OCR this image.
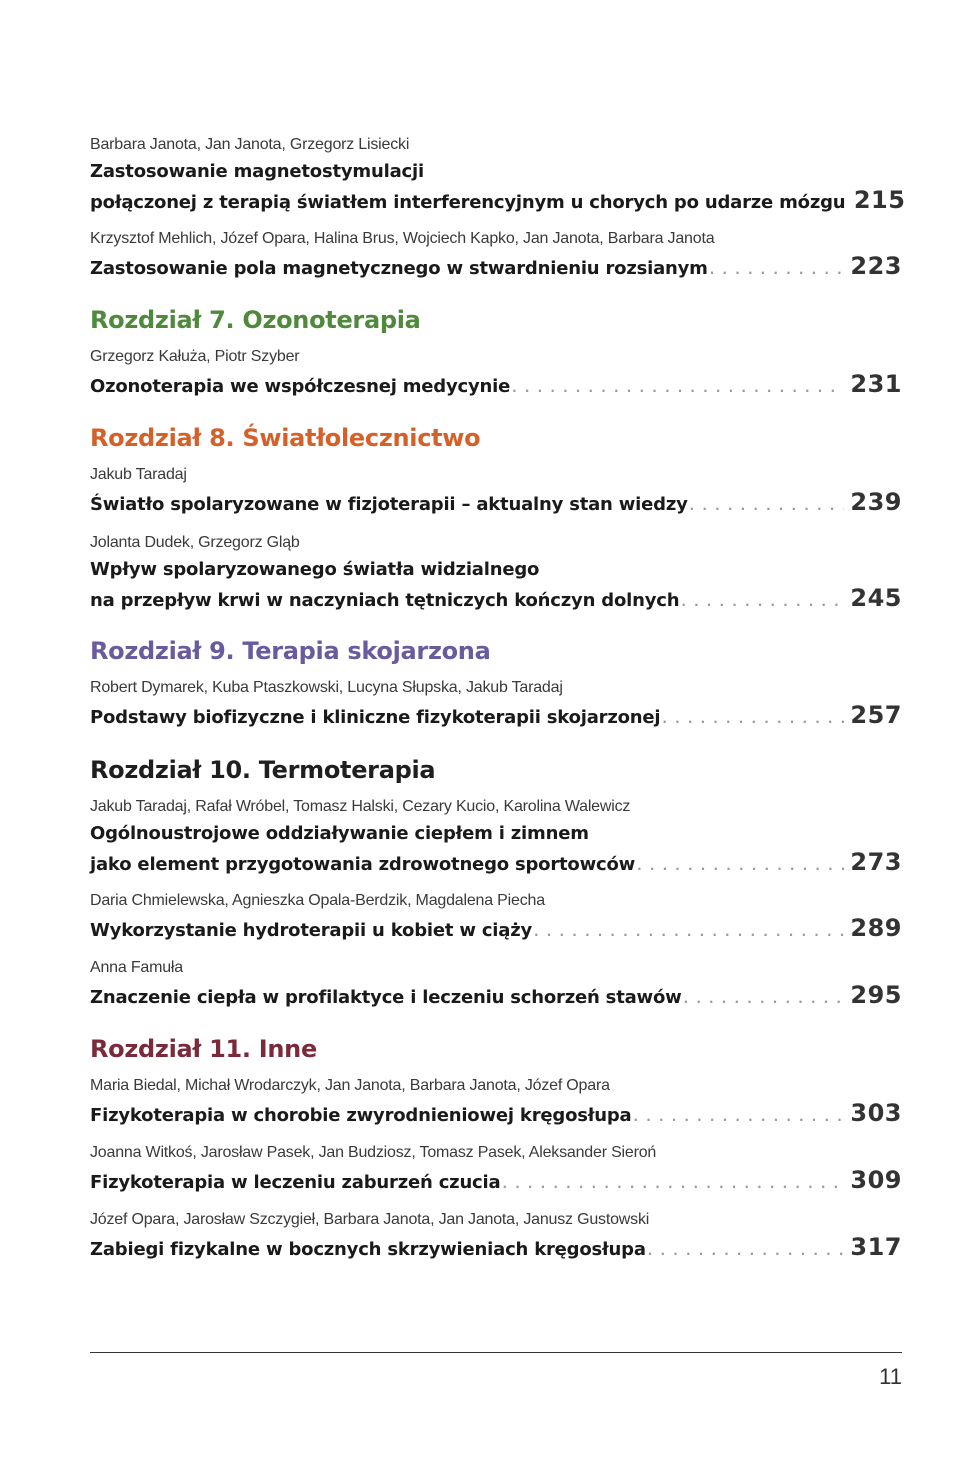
Barbara Janota, Jan Janota, Grzegorz Lisiecki
Zastosowanie magnetostymulacji
połączonej z terapią światłem interferencyjnym u chorych po udarze mózgu 215
Krzysztof Mehlich, Józef Opara, Halina Brus, Wojciech Kapko, Jan Janota, Barbara Janota
Zastosowanie pola magnetycznego w stwardnieniu rozsianym . . .	223
Rozdział 7. Ozonoterapia
Grzegorz Kałuża, Piotr Szyber
Ozonoterapia we współczesnej medycynie . . .	231
Rozdział 8. Światłolecznictwo
Jakub Taradaj
Światło spolaryzowane w fizjoterapii – aktualny stan wiedzy . . .	239
Jolanta Dudek, Grzegorz Gląb
Wpływ spolaryzowanego światła widzialnego
na przepływ krwi w naczyniach tętniczych kończyn dolnych . . .	245
Rozdział 9. Terapia skojarzona
Robert Dymarek, Kuba Ptaszkowski, Lucyna Słupska, Jakub Taradaj
Podstawy biofizyczne i kliniczne fizykoterapii skojarzonej . . .	257
Rozdział 10. Termoterapia
Jakub Taradaj, Rafał Wróbel, Tomasz Halski, Cezary Kucio, Karolina Walewicz
Ogólnoustrojowe oddziaływanie ciepłem i zimnem
jako element przygotowania zdrowotnego sportowców . . .	273
Daria Chmielewska, Agnieszka Opala-Berdzik, Magdalena Piecha
Wykorzystanie hydroterapii u kobiet w ciąży . . .	289
Anna Famuła
Znaczenie ciepła w profilaktyce i leczeniu schorzeń stawów . . .	295
Rozdział 11. Inne
Maria Biedal, Michał Wrodarczyk, Jan Janota, Barbara Janota, Józef Opara
Fizykoterapia w chorobie zwyrodnieniowej kręgosłupa . . .	303
Joanna Witkoś, Jarosław Pasek, Jan Budziosz, Tomasz Pasek, Aleksander Sieroń
Fizykoterapia w leczeniu zaburzeń czucia . . .	309
Józef Opara, Jarosław Szczygieł, Barbara Janota, Jan Janota, Janusz Gustowski
Zabiegi fizykalne w bocznych skrzywieniach kręgosłupa . . .	317
11
